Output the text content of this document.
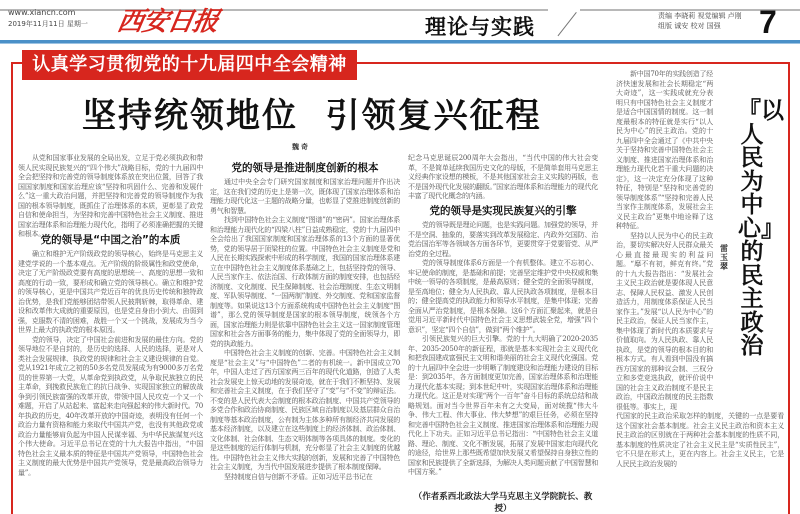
www.xiancn.com
2019年11月11日 星期一 西安日报	理论与实践	责编 李晓莉 视觉编辑 卢刚
组版 诚安 校对 国强	7
认真学习贯彻党的十九届四中全会精神
坚持统领地位  引领复兴征程
魏奇

从党和国家事业发展的全局出发，立足于党必须执政和带领人民实现民族复兴的“四个伟大”战略目标，党的十九届四中全会把坚持和完善党的领导制度体系放在突出位置，回答了我国国家制度和国家治理应该“坚持和巩固什么、完善和发展什么”这一重大政治问题，并把坚持和完善党的领导制度作为我国的根本领导制度，既抓住了治理体系的本质，更彰显了政党自信和使命担当，为坚持和完善中国特色社会主义制度、推进国家治理体系和治理能力现代化，指明了必须准确把握的关键和根本。

党的领导是“中国之治”的本质

确立和维护无产阶级政党的领导核心，始终是马克思主义建党学说的一个基本观点。无产阶级的阶级属性和政党使命，决定了无产阶级政党要有高度的思想统一、高度的思想一致和高度的行动一致，要形成和确立党的领导核心。确立和维护党的领导核心，更是中国共产党近百年的优良历史传统和独特政治优势，是我们党能够团结带领人民披荆斩棘，取得革命、建设和改革伟大成就的重要原因，也是党自身由小到大、由弱到强，克服数不清的困难，战胜一个又一个挑战，发展成为当今世界上最大的执政党的根本原因。

党的领导，决定了中国社会前进和发展的最佳方向。党的领导地位不是自封的，是历史的选择、人民的选择，更是对人类社会发展规律、执政党的规律和社会主义建设规律的自觉。党从1921年成立之初的50多名党员发展成为有9000多万名党员的世界第一大党，从革命党到执政党，从争取民族独立的民主革命，到挽救民族危亡的抗日战争、实现国家独立的解放战争到引领民族富强的改革开放，带领中国人民攻克一个又一个难题，开启了从站起来、富起来走向强起来的伟大新时代。70年执政的历史，40年改革开放的中国奇迹，表明没有任何一个政治力量有资格和能力来取代中国共产党，也没有其他政党或政治力量能够肩负起为中国人民谋幸福、为中华民族谋复兴这个伟大使命。习近平总书记在党的十九大报告中指出，“中国特色社会主义最本质的特征是中国共产党领导，中国特色社会主义制度的最大优势是中国共产党领导，党是最高政治领导力量”。

党的领导是推进制度创新的根本

通过中央全会专门研究国家制度和国家治理问题并作出决定，这在我们党的历史上是第一次，既体现了国家治理体系和治理能力现代化这一主题的战略分量，也彰显了党推进制度创新的勇气和智慧。

找到中国特色社会主义制度“图谱”的“密码”。国家治理体系和治理能力现代化的“四梁八柱”日益成熟稳定，党的十九届四中全会给出了我国国家制度和国家治理体系的13个方面的显著优势，党的领导居于顶梁柱的位置。中国特色社会主义制度是党和人民在长期实践探索中形成的科学制度，我国的国家治理体系建立在中国特色社会主义制度体系基础之上，包括坚持党的领导、人民当家作主、依法治国、行政体制方面的制度安排，也包括经济制度、文化制度、民生保障制度、社会治理制度、生态文明制度、军队领导制度、“一国两制”制度、外交制度、党和国家监督制度等。如果说这13个方面系统构成中国特色社会主义制度“图谱”，那么党的领导制度是国家的根本领导制度，统领各个方面，国家治理能力则是依靠中国特色社会主义这一国家制度管理国家和社会各方面事务的能力，集中体现了党的全面领导力，即党的执政能力。

中国特色社会主义制度的创新、完善。中国特色社会主义制度是“社会主义”与“中国特色”二者的有机统一。新中国成立70年，中国人走过了西方国家两三百年的现代化道路，创造了人类社会发展史上惊天动地的发展奇迹，就在于我们不断坚持、发展和完善社会主义制度，在于我们坚守了“变”与“不变”的辩证法。不变的是人民代表大会制度的根本政治制度、中国共产党领导的多党合作和政治协商制度、民族区域自治制度以及基层群众自治制度等基本政治制度，公有制为主体多种所有制经济共同发展的基本经济制度，以及建立在这些制度上的经济体制、政治体制、文化体制、社会体制、生态文明体制等各项具体的制度。变化的是这些制度的运行体制与机制，充分彰显了社会主义制度的优越性。中国特色社会主义伟大实践的创新，发展和完善了中国特色社会主义制度，为当代中国发展进步提供了根本制度保障。

坚持制度自信与创新不矛盾。正如习近平总书记在

纪念马克思诞辰200周年大会指出，“当代中国的伟大社会变革，不是简单延续我国历史文化的母版，不是简单套用马克思主义经典作家设想的模板，不是其他国家社会主义实践的再版，也不是国外现代化发展的翻版。”国家治理体系和治理能力的现代化丰富了现代化概念的内涵。

党的领导是实现民族复兴的引擎

党的领导既是理论问题，也是实践问题。加强党的领导，并不是空洞、抽象的，要落实到改革发展稳定、内政外交国防、治党治国治军等各领域各方面各环节，更要贯穿于党要管党、从严治党的全过程。

党的领导制度体系6方面是一个有机整体。建立不忘初心、牢记使命的制度，是基础和前提；完善坚定维护党中央权威和集中统一领导的各项制度，是最高原则；健全党的全面领导制度，是至高地位；健全为人民执政、靠人民执政各项制度，是根本目的；健全提高党的执政能力和领导水平制度，是集中体现；完善全面从严治党制度，是根本保障。这6个方面汇聚起来，就是自觉用习近平新时代中国特色社会主义思想武装全党，增强“四个意识”，坚定“四个自信”，做到“两个维护”。

引领民族复兴的巨大引擎。党的十九大明确了2020-2035年、2035-2050年的新征程，那就是基本实现社会主义现代化和把我国建成富强民主文明和谐美丽的社会主义现代化强国。党的十九届四中全会进一步明晰了制度建设和治理能力建设的目标是：到2035年，各方面制度更加完善，国家治理体系和治理能力现代化基本实现；到本世纪中叶，实现国家治理体系和治理能力现代化。这正是对实现“两个一百年”奋斗目标的系统总结和战略规划。面对当今世界百年未有之大变局，面对统揽“伟大斗争、伟大工程、伟大事业、伟大梦想”的艰巨任务，必须在坚持和完善中国特色社会主义制度、推进国家治理体系和治理能力现代化上下功夫。正如习近平总书记指出：“中国特色社会主义道路、理论、制度、文化不断发展，拓展了发展中国家走向现代化的途径，给世界上那些既希望加快发展又希望保持自身独立性的国家和民族提供了全新选择，为解决人类问题贡献了中国智慧和中国方案。”

（作者系西北政法大学马克思主义学院院长、教授）

新中国70年的实践创造了经济快速发展和社会长期稳定“两大奇迹”，这一实践成就充分表明只有中国特色社会主义制度才是适合中国国情的制度。这一制度最根本的特征就是实行“以人民为中心”的民主政治。党的十九届四中全会通过了《中共中央关于坚持和完善中国特色社会主义制度、推进国家治理体系和治理能力现代化若干重大问题的决定》，这一决定充分体现了这种特征，特别是“坚持和完善党的领导制度体系”“坚持和完善人民当家作主制度体系，发展社会主义民主政治”更集中地诠释了这种特征。

坚持以人民为中心的民主政治，要切实解决好人民群众最关心最直接最现实的利益问题。“靡不有初，鲜克有终。”党的十九大报告指出：“发展社会主义民主政治就是要体现人民意志、保障人民权益、激发人民创造活力，用制度体系保证人民当家作主。”发展“以人民为中心”的民主政治，保证人民当家作主，集中体现了新时代的本质要求与价值取向。为人民执政、靠人民执政，是党的领导的根本目的和根本方式。有人看到中国没有搞西方国家的那种议会制、三权分立和多党竞选执政，就评价说中国的社会主义政治制度不是民主政治，中国政治制度的民主指数很低等。事实上，现

代国家的民主政治采取怎样的制度，关键的一点是要看这个国家社会基本制度。社会主义民主政治和资本主义民主政治的区别就在于两种社会基本制度的性质不同，基本制度的性质决定了社会主义民主是“实质性民主”，它不只是在形式上，更在内容上。社会主义民主，它是人民民主政治发展的

『以人民为中心』的民主政治
雷玉翠
